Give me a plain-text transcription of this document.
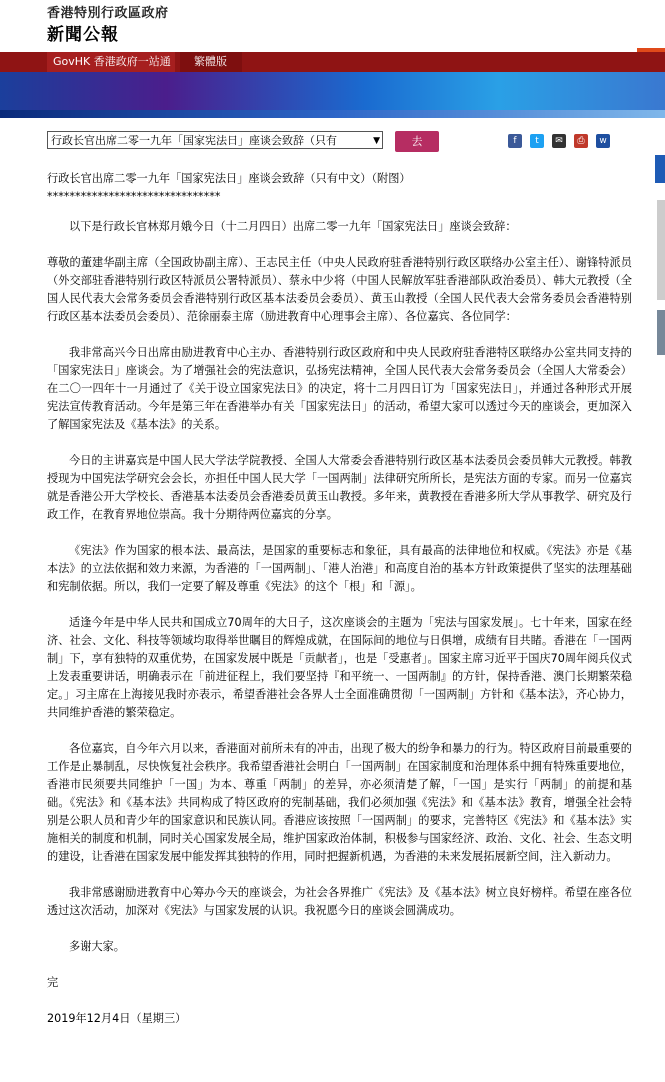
香港特別行政區政府
新聞公報
GovHK 香港政府一站通	繁體版
行政长官出席二零一九年「国家宪法日」座谈会致辞（只有	▼	去	f	t	✉	⎙	w

行政长官出席二零一九年「国家宪法日」座谈会致辞（只有中文）（附图）

*******************************

以下是行政长官林郑月娥今日（十二月四日）出席二零一九年「国家宪法日」座谈会致辞：

尊敬的董建华副主席（全国政协副主席）、王志民主任（中央人民政府驻香港特别行政区联络办公室主任）、谢锋特派员（外交部驻香港特别行政区特派员公署特派员）、蔡永中少将（中国人民解放军驻香港部队政治委员）、韩大元教授（全国人民代表大会常务委员会香港特别行政区基本法委员会委员）、黄玉山教授（全国人民代表大会常务委员会香港特别行政区基本法委员会委员）、范徐丽泰主席（励进教育中心理事会主席）、各位嘉宾、各位同学：

我非常高兴今日出席由励进教育中心主办、香港特别行政区政府和中央人民政府驻香港特区联络办公室共同支持的「国家宪法日」座谈会。为了增强社会的宪法意识，弘扬宪法精神，全国人民代表大会常务委员会（全国人大常委会）在二〇一四年十一月通过了《关于设立国家宪法日》的决定，将十二月四日订为「国家宪法日」，并通过各种形式开展宪法宣传教育活动。今年是第三年在香港举办有关「国家宪法日」的活动，希望大家可以透过今天的座谈会，更加深入了解国家宪法及《基本法》的关系。

今日的主讲嘉宾是中国人民大学法学院教授、全国人大常委会香港特别行政区基本法委员会委员韩大元教授。韩教授现为中国宪法学研究会会长，亦担任中国人民大学「一国两制」法律研究所所长，是宪法方面的专家。而另一位嘉宾就是香港公开大学校长、香港基本法委员会香港委员黄玉山教授。多年来，黄教授在香港多所大学从事教学、研究及行政工作，在教育界地位崇高。我十分期待两位嘉宾的分享。

《宪法》作为国家的根本法、最高法，是国家的重要标志和象征，具有最高的法律地位和权威。《宪法》亦是《基本法》的立法依据和效力来源，为香港的「一国两制」、「港人治港」和高度自治的基本方针政策提供了坚实的法理基础和宪制依据。所以，我们一定要了解及尊重《宪法》的这个「根」和「源」。

适逢今年是中华人民共和国成立70周年的大日子，这次座谈会的主题为「宪法与国家发展」。七十年来，国家在经济、社会、文化、科技等领域均取得举世瞩目的辉煌成就，在国际间的地位与日俱增，成绩有目共睹。香港在「一国两制」下，享有独特的双重优势，在国家发展中既是「贡献者」，也是「受惠者」。国家主席习近平于国庆70周年阅兵仪式上发表重要讲话，明确表示在「前进征程上，我们要坚持『和平统一、一国两制』的方针，保持香港、澳门长期繁荣稳定。」习主席在上海接见我时亦表示，希望香港社会各界人士全面准确贯彻「一国两制」方针和《基本法》，齐心协力，共同维护香港的繁荣稳定。

各位嘉宾，自今年六月以来，香港面对前所未有的冲击，出现了极大的纷争和暴力的行为。特区政府目前最重要的工作是止暴制乱，尽快恢复社会秩序。我希望香港社会明白「一国两制」在国家制度和治理体系中拥有特殊重要地位，香港市民须要共同维护「一国」为本、尊重「两制」的差异，亦必须清楚了解，「一国」是实行「两制」的前提和基础。《宪法》和《基本法》共同构成了特区政府的宪制基础，我们必须加强《宪法》和《基本法》教育，增强全社会特别是公职人员和青少年的国家意识和民族认同。香港应该按照「一国两制」的要求，完善特区《宪法》和《基本法》实施相关的制度和机制，同时关心国家发展全局，维护国家政治体制，积极参与国家经济、政治、文化、社会、生态文明的建设，让香港在国家发展中能发挥其独特的作用，同时把握新机遇，为香港的未来发展拓展新空间，注入新动力。

我非常感谢励进教育中心筹办今天的座谈会，为社会各界推广《宪法》及《基本法》树立良好榜样。希望在座各位透过这次活动，加深对《宪法》与国家发展的认识。我祝愿今日的座谈会圆满成功。

多谢大家。

完

2019年12月4日（星期三）
